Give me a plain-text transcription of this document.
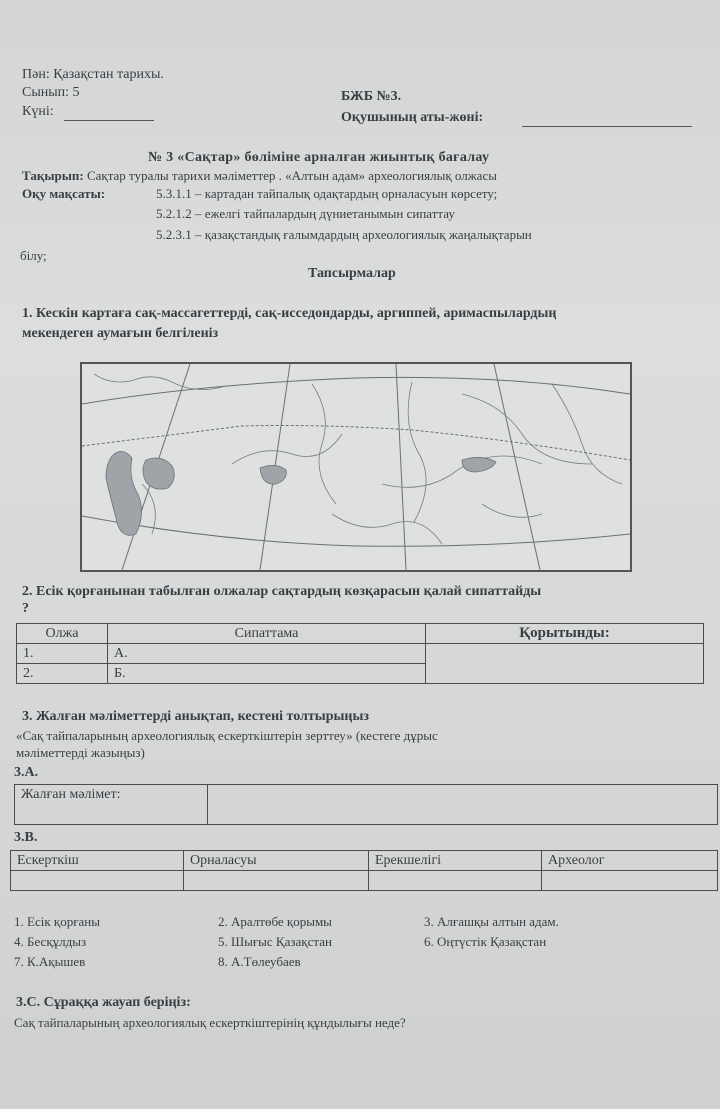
Пән: Қазақстан тарихы.
Сынып: 5
Күні:
БЖБ №3.
Оқушының аты-жөні:
№ 3 «Сақтар» бөліміне арналған жиынтық бағалау
Тақырып: Сақтар туралы тарихи мәліметтер . «Алтын адам» археологиялық олжасы
Оқу мақсаты:	5.3.1.1 – картадан тайпалық одақтардың орналасуын көрсету;
5.2.1.2 – ежелгі тайпалардың дүниетанымын сипаттау
5.2.3.1 – қазақстандық ғалымдардың археологиялық жаңалықтарын
білу;
Тапсырмалар
1. Кескін картаға сақ-массагеттерді, сақ-исседондарды, аргиппей, аримаспылардың
мекендеген аумағын белгіленіз
2. Есік қорғанынан табылған олжалар сақтардың көзқарасын қалай сипаттайды
?
Олжа	Сипаттама	Қорытынды:
1.	А.	
2.	Б.	
3. Жалған мәліметтерді анықтап, кестені толтырыңыз
«Сақ тайпаларының археологиялық ескерткіштерін зерттеу» (кестеге дұрыс
мәліметтерді жазыңыз)
3.А.
Жалған мәлімет:	
3.В.
Ескерткіш	Орналасуы	Ерекшелігі	Археолог

1. Есік қорғаны	2. Аралтөбе қорымы	3. Алғашқы алтын адам.
4. Бесқұлдыз	5. Шығыс Қазақстан	6. Оңтүстік Қазақстан
7. К.Ақышев	8. А.Төлеубаев
3.С. Сұраққа жауап беріңіз:
Сақ тайпаларының археологиялық ескерткіштерінің құндылығы неде?
